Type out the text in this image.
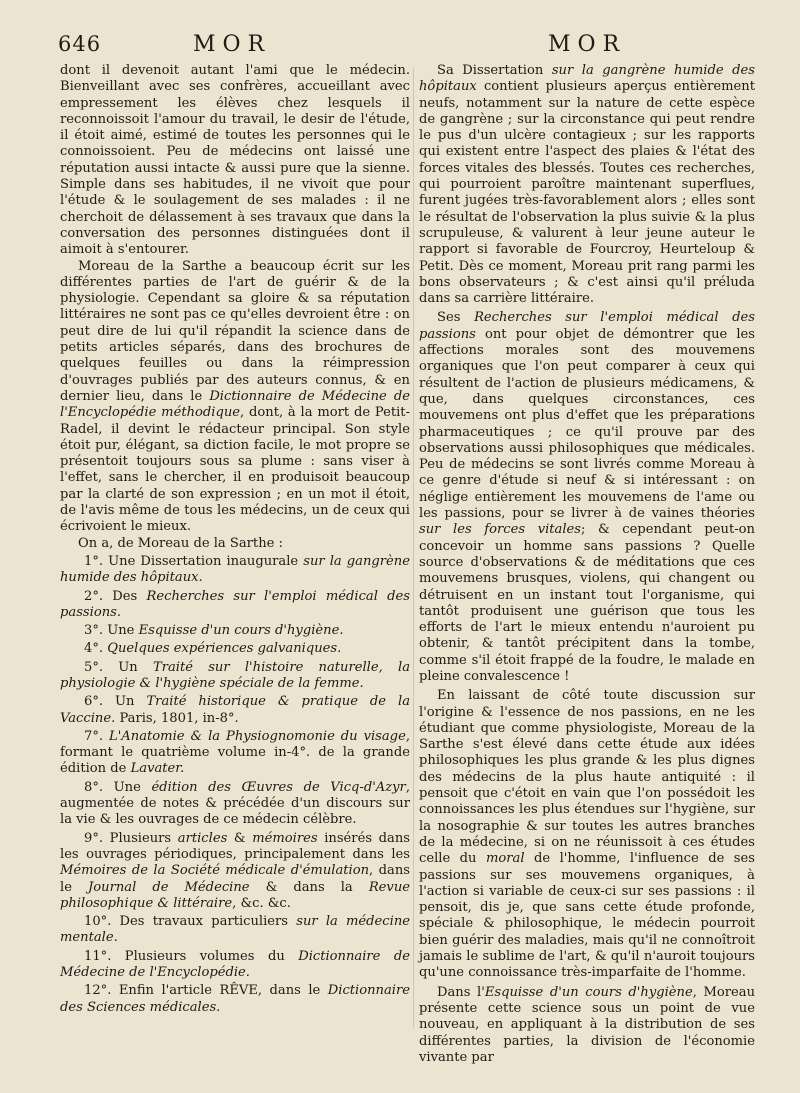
646	MOR	MOR

dont il devenoit autant l'ami que le médecin. Bienveillant avec ses confrères, accueillant avec empressement les élèves chez lesquels il reconnoissoit l'amour du travail, le desir de l'étude, il étoit aimé, estimé de toutes les personnes qui le connoissoient. Peu de médecins ont laissé une réputation aussi intacte & aussi pure que la sienne. Simple dans ses habitudes, il ne vivoit que pour l'étude & le soulagement de ses malades : il ne cherchoit de délassement à ses travaux que dans la conversation des personnes distinguées dont il aimoit à s'entourer.

Moreau de la Sarthe a beaucoup écrit sur les différentes parties de l'art de guérir & de la physiologie. Cependant sa gloire & sa réputation littéraires ne sont pas ce qu'elles devroient être : on peut dire de lui qu'il répandit la science dans de petits articles séparés, dans des brochures de quelques feuilles ou dans la réimpression d'ouvrages publiés par des auteurs connus, & en dernier lieu, dans le Dictionnaire de Médecine de l'Encyclopédie méthodique, dont, à la mort de Petit-Radel, il devint le rédacteur principal. Son style étoit pur, élégant, sa diction facile, le mot propre se présentoit toujours sous sa plume : sans viser à l'effet, sans le chercher, il en produisoit beaucoup par la clarté de son expression ; en un mot il étoit, de l'avis même de tous les médecins, un de ceux qui écrivoient le mieux.

On a, de Moreau de la Sarthe :

1°. Une Dissertation inaugurale sur la gangrène humide des hôpitaux.

2°. Des Recherches sur l'emploi médical des passions.

3°. Une Esquisse d'un cours d'hygiène.

4°. Quelques expériences galvaniques.

5°. Un Traité sur l'histoire naturelle, la physiologie & l'hygiène spéciale de la femme.

6°. Un Traité historique & pratique de la Vaccine. Paris, 1801, in-8°.

7°. L'Anatomie & la Physiognomonie du visage, formant le quatrième volume in-4°. de la grande édition de Lavater.

8°. Une édition des Œuvres de Vicq-d'Azyr, augmentée de notes & précédée d'un discours sur la vie & les ouvrages de ce médecin célèbre.

9°. Plusieurs articles & mémoires insérés dans les ouvrages périodiques, principalement dans les Mémoires de la Société médicale d'émulation, dans le Journal de Médecine & dans la Revue philosophique & littéraire, &c. &c.

10°. Des travaux particuliers sur la médecine mentale.

11°. Plusieurs volumes du Dictionnaire de Médecine de l'Encyclopédie.

12°. Enfin l'article RÊVE, dans le Dictionnaire des Sciences médicales.

Sa Dissertation sur la gangrène humide des hôpitaux contient plusieurs aperçus entièrement neufs, notamment sur la nature de cette espèce de gangrène ; sur la circonstance qui peut rendre le pus d'un ulcère contagieux ; sur les rapports qui existent entre l'aspect des plaies & l'état des forces vitales des blessés. Toutes ces recherches, qui pourroient paroître maintenant superflues, furent jugées très-favorablement alors ; elles sont le résultat de l'observation la plus suivie & la plus scrupuleuse, & valurent à leur jeune auteur le rapport si favorable de Fourcroy, Heurteloup & Petit. Dès ce moment, Moreau prit rang parmi les bons observateurs ; & c'est ainsi qu'il préluda dans sa carrière littéraire.

Ses Recherches sur l'emploi médical des passions ont pour objet de démontrer que les affections morales sont des mouvemens organiques que l'on peut comparer à ceux qui résultent de l'action de plusieurs médicamens, & que, dans quelques circonstances, ces mouvemens ont plus d'effet que les préparations pharmaceutiques ; ce qu'il prouve par des observations aussi philosophiques que médicales. Peu de médecins se sont livrés comme Moreau à ce genre d'étude si neuf & si intéressant : on néglige entièrement les mouvemens de l'ame ou les passions, pour se livrer à de vaines théories sur les forces vitales; & cependant peut-on concevoir un homme sans passions ? Quelle source d'observations & de méditations que ces mouvemens brusques, violens, qui changent ou détruisent en un instant tout l'organisme, qui tantôt produisent une guérison que tous les efforts de l'art le mieux entendu n'auroient pu obtenir, & tantôt précipitent dans la tombe, comme s'il étoit frappé de la foudre, le malade en pleine convalescence !

En laissant de côté toute discussion sur l'origine & l'essence de nos passions, en ne les étudiant que comme physiologiste, Moreau de la Sarthe s'est élevé dans cette étude aux idées philosophiques les plus grande & les plus dignes des médecins de la plus haute antiquité : il pensoit que c'étoit en vain que l'on possédoit les connoissances les plus étendues sur l'hygiène, sur la nosographie & sur toutes les autres branches de la médecine, si on ne réunissoit à ces études celle du moral de l'homme, l'influence de ses passions sur ses mouvemens organiques, à l'action si variable de ceux-ci sur ses passions : il pensoit, dis je, que sans cette étude profonde, spéciale & philosophique, le médecin pourroit bien guérir des maladies, mais qu'il ne connoîtroit jamais le sublime de l'art, & qu'il n'auroit toujours qu'une connoissance très-imparfaite de l'homme.

Dans l'Esquisse d'un cours d'hygiène, Moreau présente cette science sous un point de vue nouveau, en appliquant à la distribution de ses différentes parties, la division de l'économie vivante par
